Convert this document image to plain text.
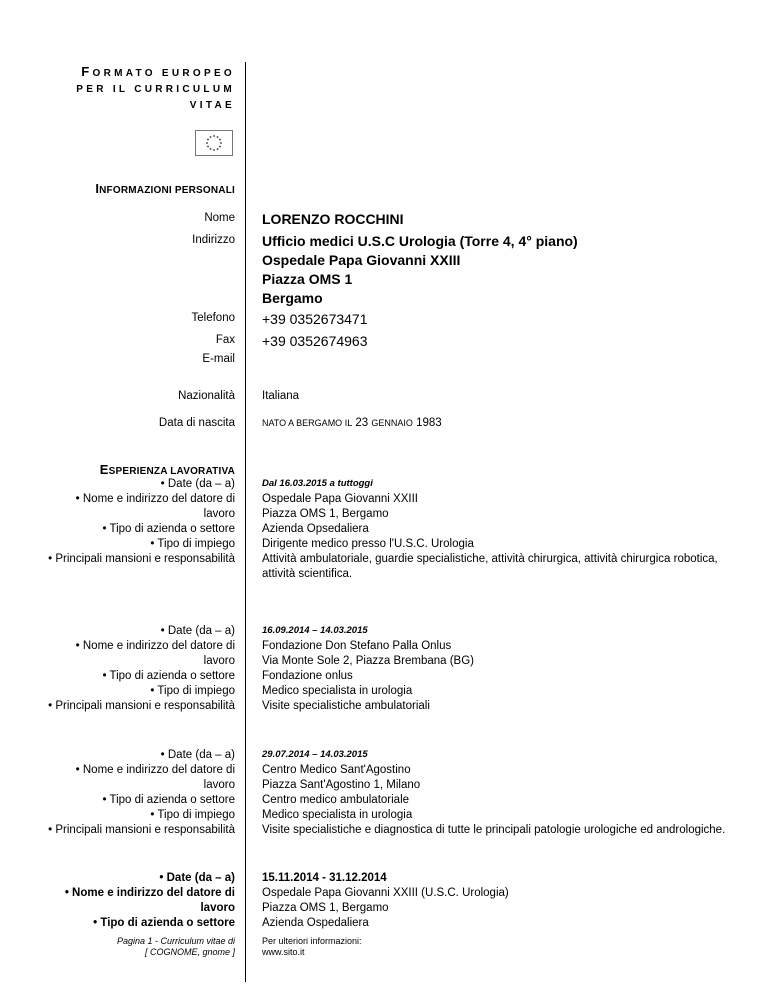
FORMATO EUROPEO
PER IL CURRICULUM
VITAE
INFORMAZIONI PERSONALI
Nome LORENZO ROCCHINI
Indirizzo Ufficio medici U.S.C Urologia (Torre 4, 4° piano)
Ospedale Papa Giovanni XXIII
Piazza OMS 1
Bergamo
Telefono +39 0352673471
Fax +39 0352674963
E-mail
Nazionalità Italiana
Data di nascita	NATO A BERGAMO IL 23 GENNAIO 1983
ESPERIENZA LAVORATIVA
• Date (da – a)
• Nome e indirizzo del datore di
lavoro
• Tipo di azienda o settore
• Tipo di impiego
• Principali mansioni e responsabilità
Dal 16.03.2015 a tuttoggi
Ospedale Papa Giovanni XXIII
Piazza OMS 1, Bergamo
Azienda Opsedaliera
Dirigente medico presso l'U.S.C. Urologia
Attività ambulatoriale, guardie specialistiche, attività chirurgica, attività chirurgica robotica,
attività scientifica.
• Date (da – a)
• Nome e indirizzo del datore di
lavoro
• Tipo di azienda o settore
• Tipo di impiego
• Principali mansioni e responsabilità
16.09.2014 – 14.03.2015
Fondazione Don Stefano Palla Onlus
Via Monte Sole 2, Piazza Brembana (BG)
Fondazione onlus
Medico specialista in urologia
Visite specialistiche ambulatoriali
• Date (da – a)
• Nome e indirizzo del datore di
lavoro
• Tipo di azienda o settore
• Tipo di impiego
• Principali mansioni e responsabilità
29.07.2014 – 14.03.2015
Centro Medico Sant'Agostino
Piazza Sant'Agostino 1, Milano
Centro medico ambulatoriale
Medico specialista in urologia
Visite specialistiche e diagnostica di tutte le principali patologie urologiche ed andrologiche.
• Date (da – a)
• Nome e indirizzo del datore di
lavoro
• Tipo di azienda o settore
15.11.2014 - 31.12.2014
Ospedale Papa Giovanni XXIII (U.S.C. Urologia)
Piazza OMS 1, Bergamo
Azienda Ospedaliera
Pagina 1 - Curriculum vitae di
[ COGNOME, gnome ]
Per ulteriori informazioni:
www.sito.it
